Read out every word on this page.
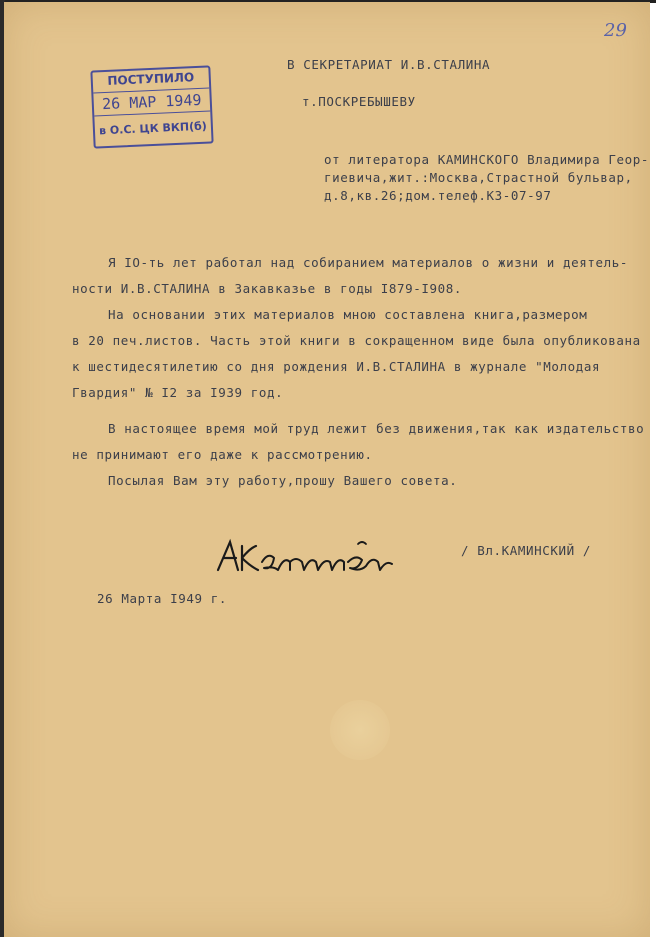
29
ПОСТУПИЛО
26 МАР 1949
в О.С. ЦК ВКП(б)
В СЕКРЕТАРИАТ И.В.СТАЛИНА
т.ПОСКРЕБЫШЕВУ
от литератора КАМИНСКОГО Владимира Геор-
гиевича,жит.:Москва,Страстной бульвар,
д.8,кв.26;дом.телеф.К3-07-97
Я IO-ть лет работал над собиранием материалов о жизни и деятель-
ности И.В.СТАЛИНА в Закавказье в годы I879-I908.
На основании этих материалов мною составлена книга,размером
в 20 печ.листов. Часть этой книги в сокращенном виде была опубликована
к шестидесятилетию со дня рождения И.В.СТАЛИНА в журнале "Молодая
Гвардия" № I2 за I939 год.
В настоящее время мой труд лежит без движения,так как издательство
не принимают его даже к рассмотрению.
Посылая Вам эту работу,прошу Вашего совета.
/ Вл.КАМИНСКИЙ /
26 Марта I949 г.
